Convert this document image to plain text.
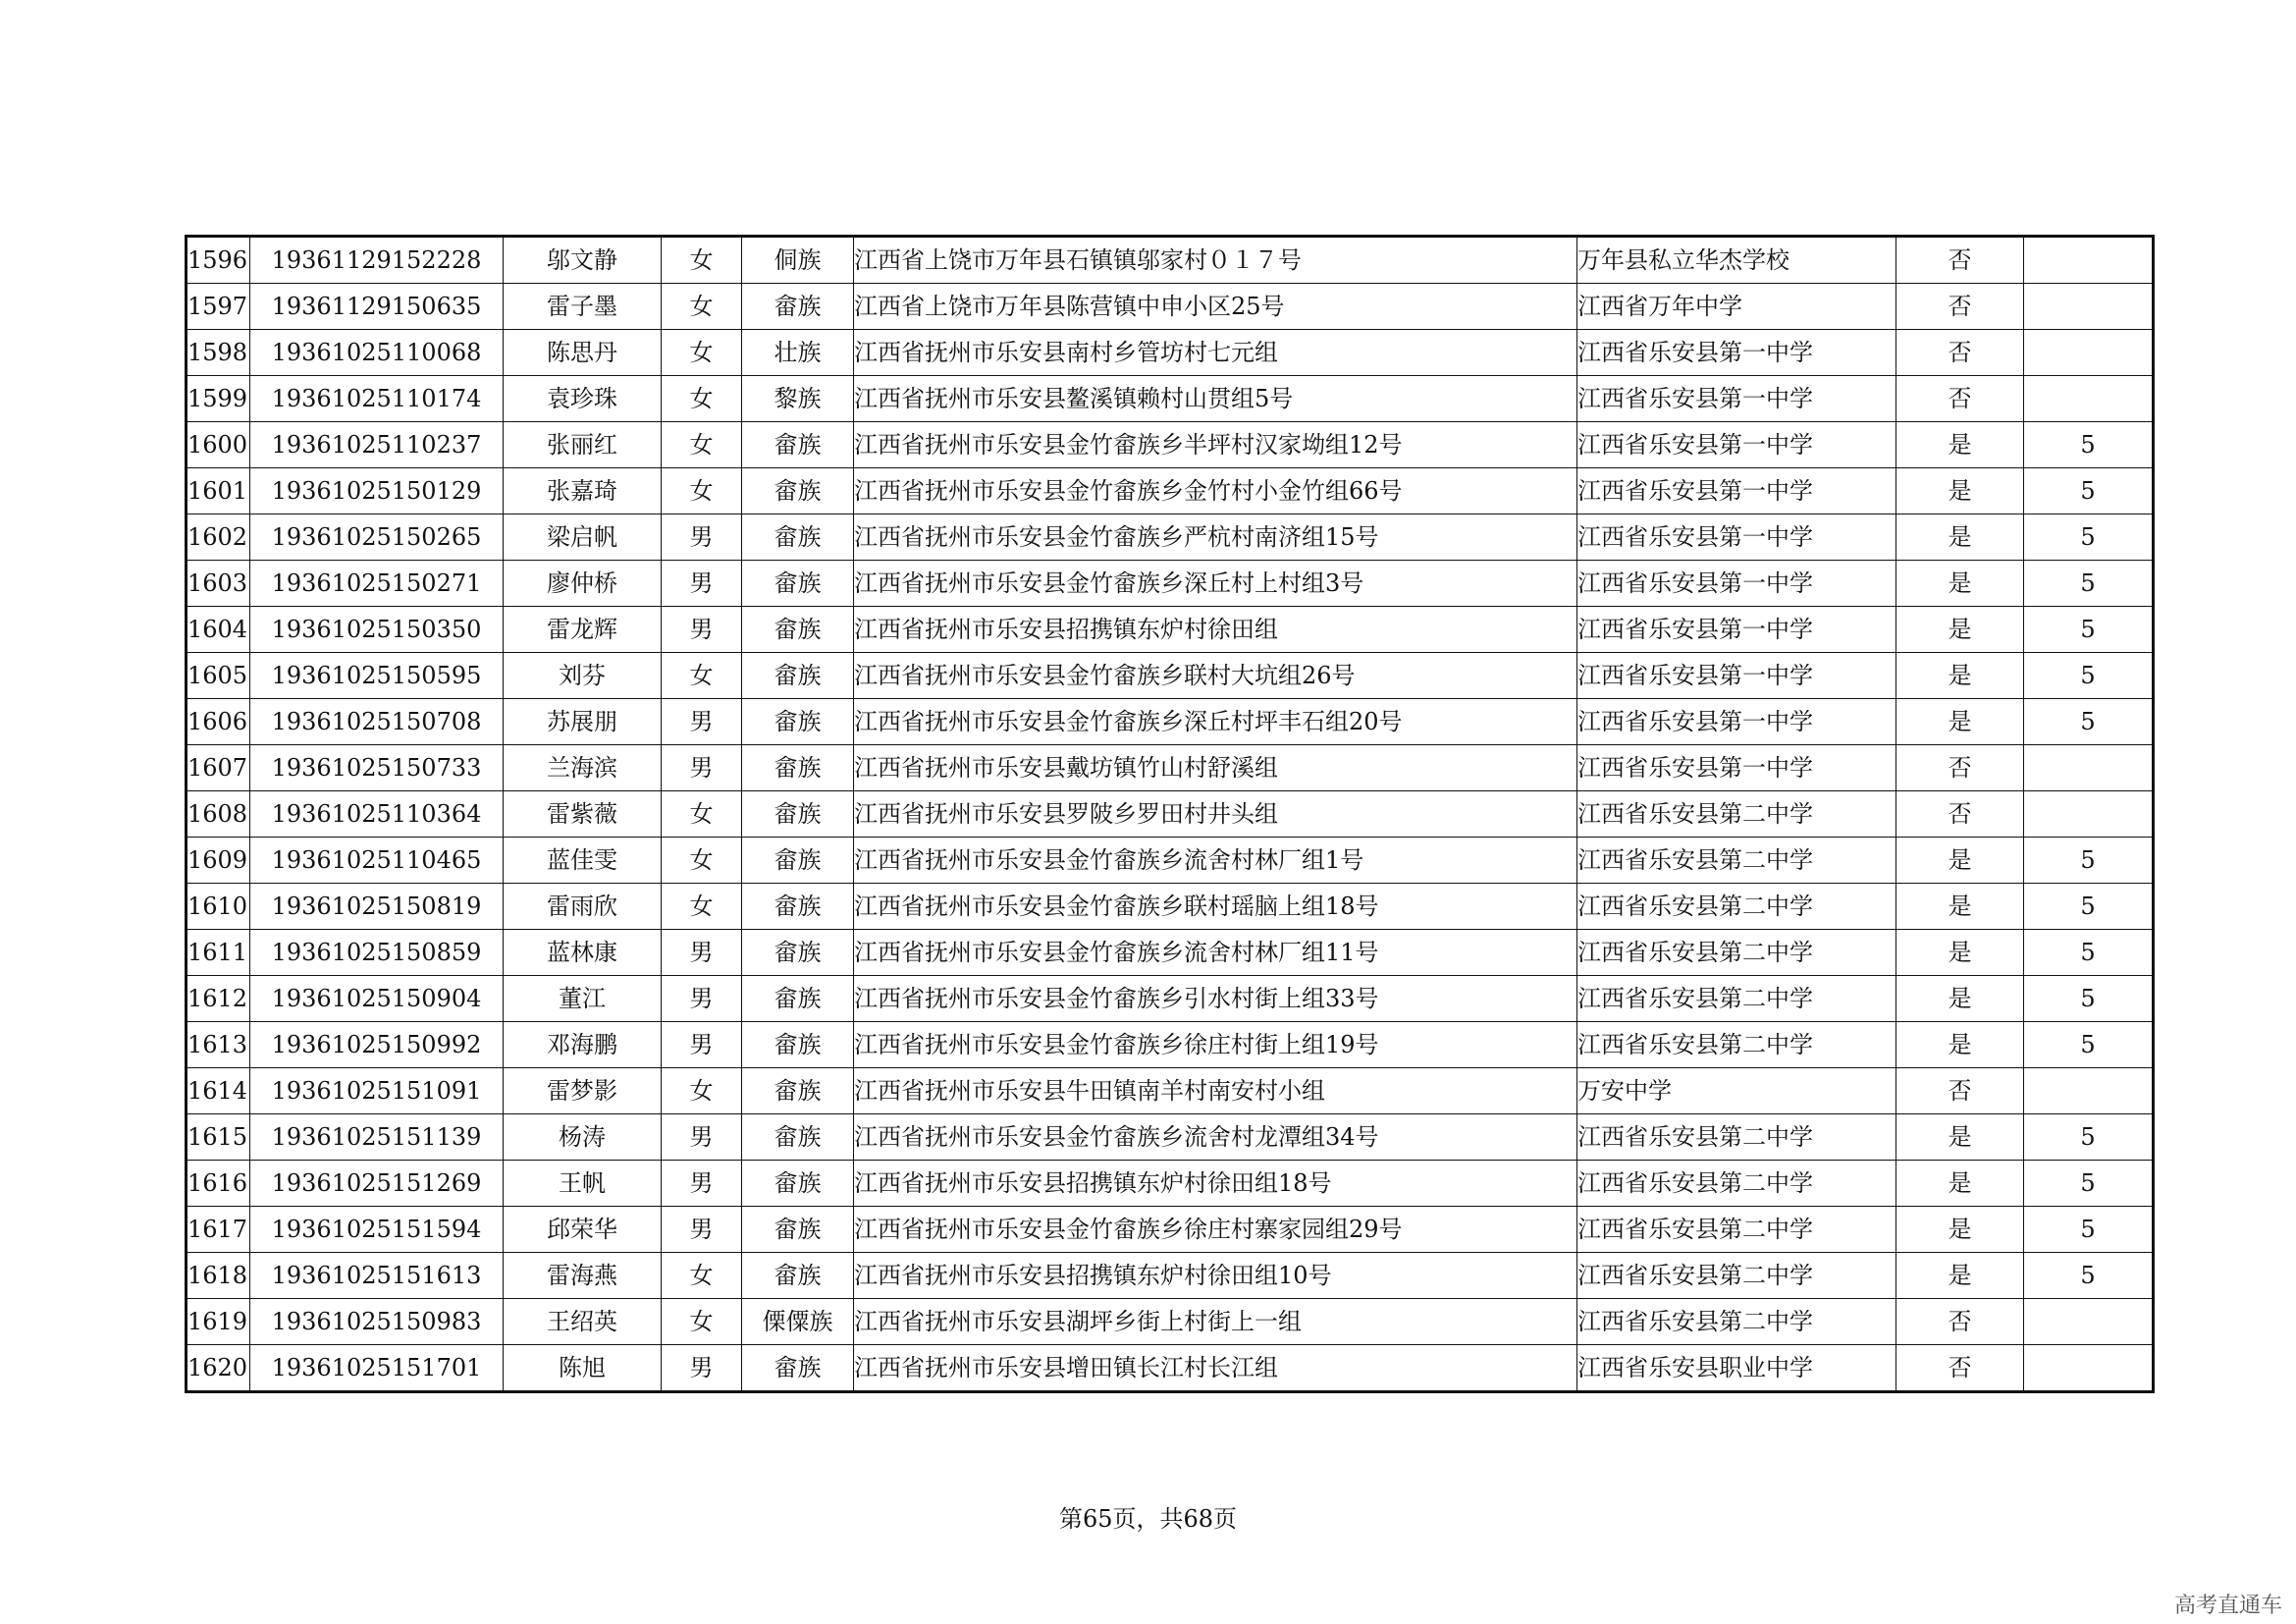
1596	19361129152228	邬文静	女	侗族	江西省上饶市万年县石镇镇邬家村０１７号	万年县私立华杰学校	否	
1597	19361129150635	雷子墨	女	畲族	江西省上饶市万年县陈营镇中申小区25号	江西省万年中学	否	
1598	19361025110068	陈思丹	女	壮族	江西省抚州市乐安县南村乡管坊村七元组	江西省乐安县第一中学	否	
1599	19361025110174	袁珍珠	女	黎族	江西省抚州市乐安县鳌溪镇赖村山贯组5号	江西省乐安县第一中学	否	
1600	19361025110237	张丽红	女	畲族	江西省抚州市乐安县金竹畲族乡半坪村汉家坳组12号	江西省乐安县第一中学	是	5
1601	19361025150129	张嘉琦	女	畲族	江西省抚州市乐安县金竹畲族乡金竹村小金竹组66号	江西省乐安县第一中学	是	5
1602	19361025150265	梁启帆	男	畲族	江西省抚州市乐安县金竹畲族乡严杭村南济组15号	江西省乐安县第一中学	是	5
1603	19361025150271	廖仲桥	男	畲族	江西省抚州市乐安县金竹畲族乡深丘村上村组3号	江西省乐安县第一中学	是	5
1604	19361025150350	雷龙辉	男	畲族	江西省抚州市乐安县招携镇东炉村徐田组	江西省乐安县第一中学	是	5
1605	19361025150595	刘芬	女	畲族	江西省抚州市乐安县金竹畲族乡联村大坑组26号	江西省乐安县第一中学	是	5
1606	19361025150708	苏展朋	男	畲族	江西省抚州市乐安县金竹畲族乡深丘村坪丰石组20号	江西省乐安县第一中学	是	5
1607	19361025150733	兰海滨	男	畲族	江西省抚州市乐安县戴坊镇竹山村舒溪组	江西省乐安县第一中学	否	
1608	19361025110364	雷紫薇	女	畲族	江西省抚州市乐安县罗陂乡罗田村井头组	江西省乐安县第二中学	否	
1609	19361025110465	蓝佳雯	女	畲族	江西省抚州市乐安县金竹畲族乡流舍村林厂组1号	江西省乐安县第二中学	是	5
1610	19361025150819	雷雨欣	女	畲族	江西省抚州市乐安县金竹畲族乡联村瑶脑上组18号	江西省乐安县第二中学	是	5
1611	19361025150859	蓝林康	男	畲族	江西省抚州市乐安县金竹畲族乡流舍村林厂组11号	江西省乐安县第二中学	是	5
1612	19361025150904	董江	男	畲族	江西省抚州市乐安县金竹畲族乡引水村街上组33号	江西省乐安县第二中学	是	5
1613	19361025150992	邓海鹏	男	畲族	江西省抚州市乐安县金竹畲族乡徐庄村街上组19号	江西省乐安县第二中学	是	5
1614	19361025151091	雷梦影	女	畲族	江西省抚州市乐安县牛田镇南羊村南安村小组	万安中学	否	
1615	19361025151139	杨涛	男	畲族	江西省抚州市乐安县金竹畲族乡流舍村龙潭组34号	江西省乐安县第二中学	是	5
1616	19361025151269	王帆	男	畲族	江西省抚州市乐安县招携镇东炉村徐田组18号	江西省乐安县第二中学	是	5
1617	19361025151594	邱荣华	男	畲族	江西省抚州市乐安县金竹畲族乡徐庄村寨家园组29号	江西省乐安县第二中学	是	5
1618	19361025151613	雷海燕	女	畲族	江西省抚州市乐安县招携镇东炉村徐田组10号	江西省乐安县第二中学	是	5
1619	19361025150983	王绍英	女	傈僳族	江西省抚州市乐安县湖坪乡街上村街上一组	江西省乐安县第二中学	否	
1620	19361025151701	陈旭	男	畲族	江西省抚州市乐安县增田镇长江村长江组	江西省乐安县职业中学	否	
第65页，共68页
高考直通车
